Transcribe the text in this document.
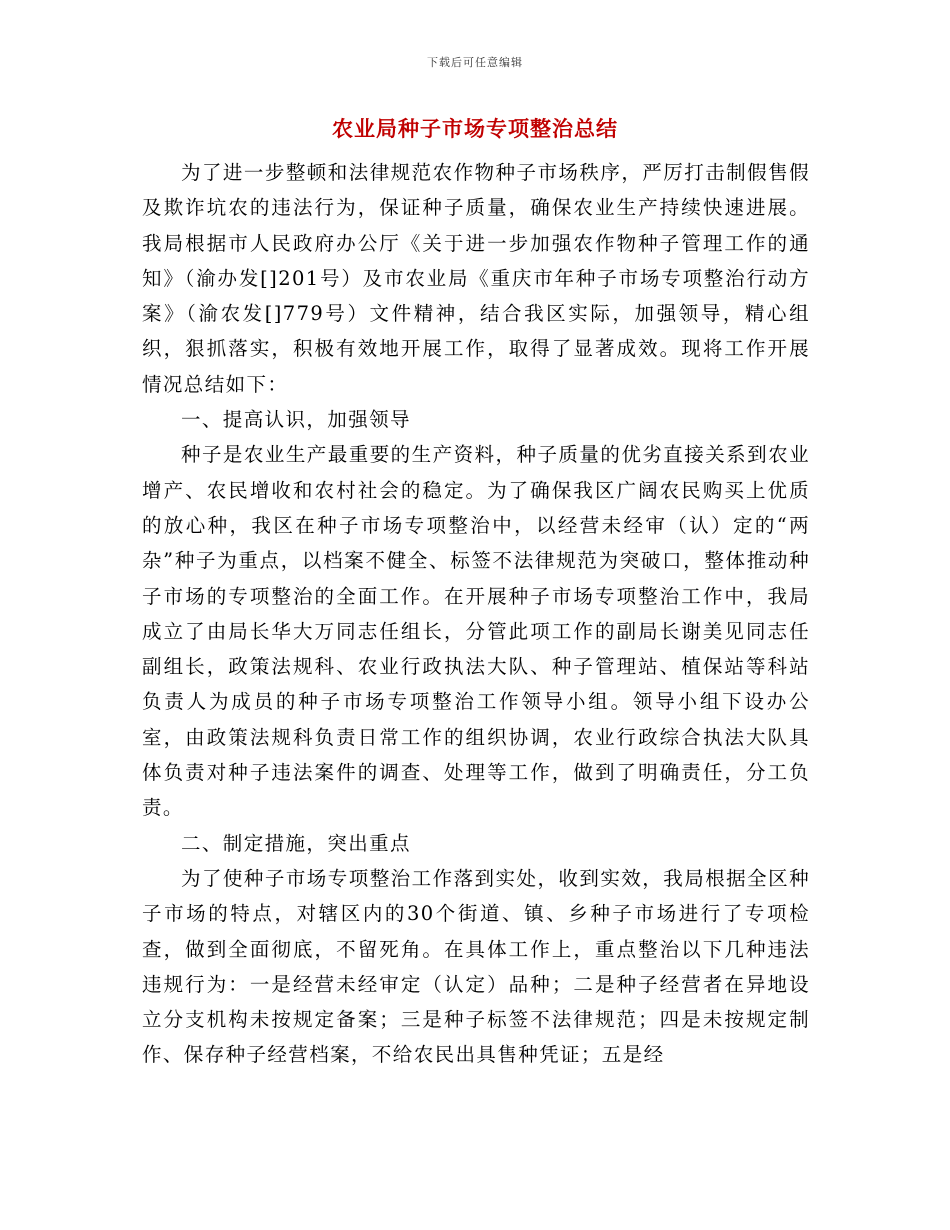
下载后可任意编辑
农业局种子市场专项整治总结

为了进一步整顿和法律规范农作物种子市场秩序，严厉打击制假售假及欺诈坑农的违法行为，保证种子质量，确保农业生产持续快速进展。我局根据市人民政府办公厅《关于进一步加强农作物种子管理工作的通知》（渝办发[]201号）及市农业局《重庆市年种子市场专项整治行动方案》（渝农发[]779号）文件精神，结合我区实际，加强领导，精心组织，狠抓落实，积极有效地开展工作，取得了显著成效。现将工作开展情况总结如下：

一、提高认识，加强领导

种子是农业生产最重要的生产资料，种子质量的优劣直接关系到农业增产、农民增收和农村社会的稳定。为了确保我区广阔农民购买上优质的放心种，我区在种子市场专项整治中，以经营未经审（认）定的“两杂”种子为重点，以档案不健全、标签不法律规范为突破口，整体推动种子市场的专项整治的全面工作。在开展种子市场专项整治工作中，我局成立了由局长华大万同志任组长，分管此项工作的副局长谢美见同志任副组长，政策法规科、农业行政执法大队、种子管理站、植保站等科站负责人为成员的种子市场专项整治工作领导小组。领导小组下设办公室，由政策法规科负责日常工作的组织协调，农业行政综合执法大队具体负责对种子违法案件的调查、处理等工作，做到了明确责任，分工负责。

二、制定措施，突出重点

为了使种子市场专项整治工作落到实处，收到实效，我局根据全区种子市场的特点，对辖区内的30个街道、镇、乡种子市场进行了专项检查，做到全面彻底，不留死角。在具体工作上，重点整治以下几种违法违规行为：一是经营未经审定（认定）品种；二是种子经营者在异地设立分支机构未按规定备案；三是种子标签不法律规范；四是未按规定制作、保存种子经营档案，不给农民出具售种凭证；五是经
